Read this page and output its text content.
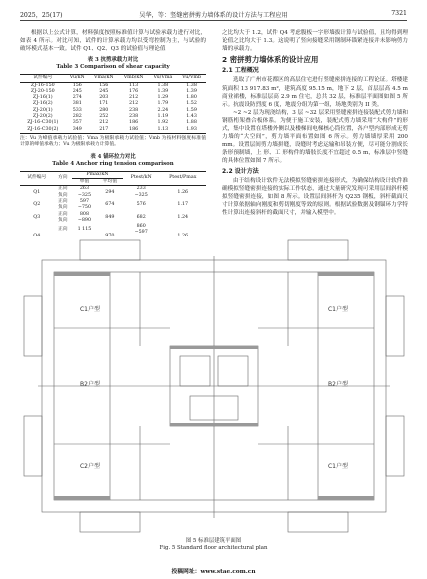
2025，25(17)	吴华，等：竖缝密拼剪力墙体系的设计方法与工程应用	7321

根据以上公式计算，材料强度按照标准值计算与试验承载力进行对比，如表 4 所示。对比可知，试件的计算承载力均以受弯控制为主，与试验的破坏模式基本一致。试件 Q1、Q2、Q3 的试验值与理论值

表 3 抗剪承载力对比
Table 3 Comparison of shear capacity
试件编号	Vu/kN	Vma/kN	Vmb/kN	Vu/Vma	Vu/Vmb
ZJ-16-150	156	156	113	1.38	1.38
ZJ-20-150	245	245	176	1.39	1.39
ZJ-16(1)	274	203	212	1.29	1.80
ZJ-16(2)	381	171	212	1.79	1.52
ZJ-20(1)	533	280	238	2.24	1.59
ZJ-20(2)	282	252	238	1.19	1.43
ZJ-16-C30(1)	357	212	186	1.92	1.88
ZJ-16-C30(2)	349	217	186	1.13	1.93

注：Vu 为峰值承载力试验值；Vma 为极限承载力试验值；Vmb 为按材料强度标准值计算的峰值承载力；Vu 为极限承载力计算值。

表 4 锚环拉力对比
Table 4 Anchor ring tension comparison
试件编号	方向	Pmax/kN		Ptest/kN	Ptest/Pmax
		单值	平均值		
Q1	正向	263	294	233	1.26
	负向	−325		−325	
Q2	正向	597	674	576	1.17
	负向	−750			
Q3	正向	808	849	682	1.24
	负向	−890			
	正向	1 115		860	
				−597	

之比均大于 1.2，试件 Q4 考虑腹板一字形墙拔计算与试验值，且均得到理论值之比均大于 1.3。这说明了竖向接缝采用钢制环锚紧连接并未影响剪力墙的承载力。

2 密拼剪力墙体系的设计应用
2.1 工程概况

选取了广州市花都区的高层住宅进行竖缝密拼连接的工程论证。塔楼建筑面积 13 917.83 m²，建筑高度 95.15 m，地下 2 层，首层层高 4.5 m 商业裙楼，标准层层高 2.9 m 住宅，总共 32 层，标准层平面图如图 5 所示。抗震设防烈度 6 度，地震分组为第一组，场地类别为 II 类。

~2 ~2 层为现浇结构，3 层 ~32 层采用竖缝密拼连接装配式剪力墙和钢筋桁架叠合板体系。为便于施工安装，装配式剪力墙采用“大构件”的形式，集中设置在塔楼外侧以及楼梯间电梯核心筒位置，各户型内部形成无剪力墙的“大空间”，剪力墙平面布置如图 6 所示。剪力墙墙厚采用 200 mm。设置层间剪力墙拼缝，设缝时考虑运输和吊装方便，尽可能分割成长条形预制墙，上 形、工 形构件的墙肢长度不宜超过 0.5 m，标准层中竖缝的具体位置如图 7 所示。

2.2 设计方法

由于结构设计软件无法模拟竖缝密拼连接形式，为确保结构设计软件准确模拟竖缝密拼连接的实际工作状态，通过大量研究发现可采用层间斜杆模拟竖缝密拼连接，如图 8 所示。设置层间斜杆为 Q235 钢板，斜杆截面尺寸计算依据轴向刚度和剪切刚度等效的原则。根据试验数据及钢锚环力学特性计算出连接斜杆的截面尺寸，并输入模型中。

C1户型	C1户型
B2户型	B2户型
C2户型	C1户型
图 5 标准层建筑平面图
Fig. 5 Standard floor architectural plan
投稿网址：www.stae.com.cn
